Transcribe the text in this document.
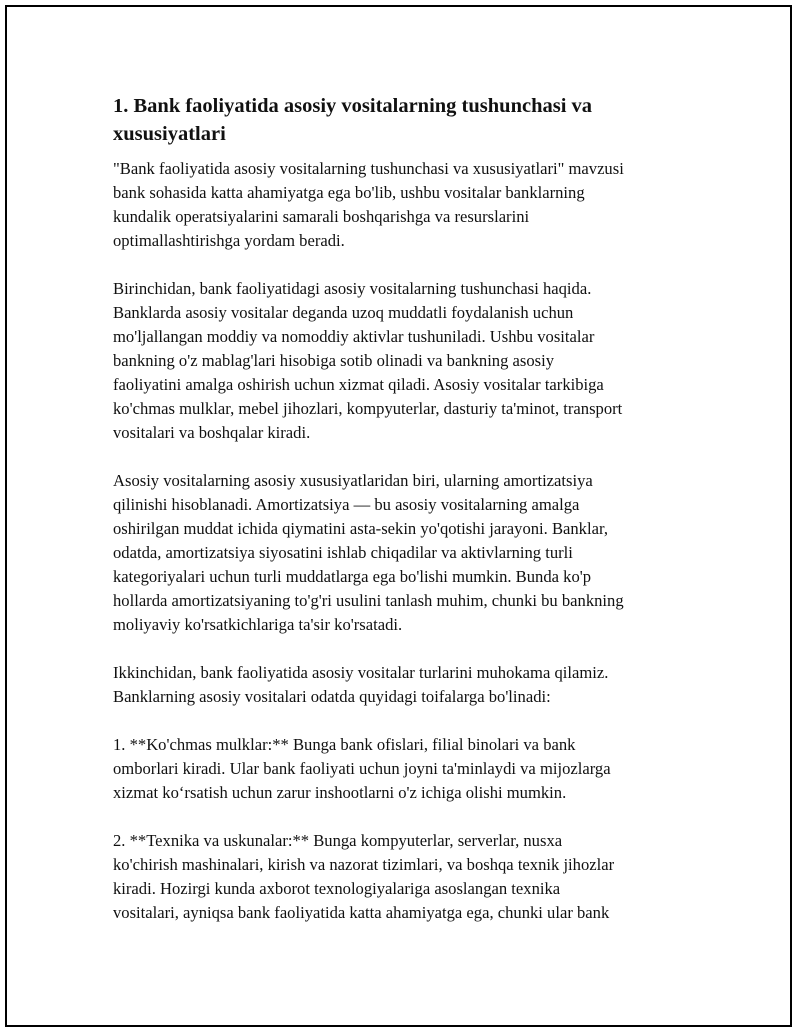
1. Bank faoliyatida asosiy vositalarning tushunchasi va
xususiyatlari

"Bank faoliyatida asosiy vositalarning tushunchasi va xususiyatlari" mavzusi
bank sohasida katta ahamiyatga ega bo'lib, ushbu vositalar banklarning
kundalik operatsiyalarini samarali boshqarishga va resurslarini
optimallashtirishga yordam beradi.

Birinchidan, bank faoliyatidagi asosiy vositalarning tushunchasi haqida.
Banklarda asosiy vositalar deganda uzoq muddatli foydalanish uchun
mo'ljallangan moddiy va nomoddiy aktivlar tushuniladi. Ushbu vositalar
bankning o'z mablag'lari hisobiga sotib olinadi va bankning asosiy
faoliyatini amalga oshirish uchun xizmat qiladi. Asosiy vositalar tarkibiga
ko'chmas mulklar, mebel jihozlari, kompyuterlar, dasturiy ta'minot, transport
vositalari va boshqalar kiradi.

Asosiy vositalarning asosiy xususiyatlaridan biri, ularning amortizatsiya
qilinishi hisoblanadi. Amortizatsiya — bu asosiy vositalarning amalga
oshirilgan muddat ichida qiymatini asta-sekin yo'qotishi jarayoni. Banklar,
odatda, amortizatsiya siyosatini ishlab chiqadilar va aktivlarning turli
kategoriyalari uchun turli muddatlarga ega bo'lishi mumkin. Bunda ko'p
hollarda amortizatsiyaning to'g'ri usulini tanlash muhim, chunki bu bankning
moliyaviy ko'rsatkichlariga ta'sir ko'rsatadi.

Ikkinchidan, bank faoliyatida asosiy vositalar turlarini muhokama qilamiz.
Banklarning asosiy vositalari odatda quyidagi toifalarga bo'linadi:

1. **Ko'chmas mulklar:** Bunga bank ofislari, filial binolari va bank
omborlari kiradi. Ular bank faoliyati uchun joyni ta'minlaydi va mijozlarga
xizmat ko‘rsatish uchun zarur inshootlarni o'z ichiga olishi mumkin.

2. **Texnika va uskunalar:** Bunga kompyuterlar, serverlar, nusxa
ko'chirish mashinalari, kirish va nazorat tizimlari, va boshqa texnik jihozlar
kiradi. Hozirgi kunda axborot texnologiyalariga asoslangan texnika
vositalari, ayniqsa bank faoliyatida katta ahamiyatga ega, chunki ular bank
